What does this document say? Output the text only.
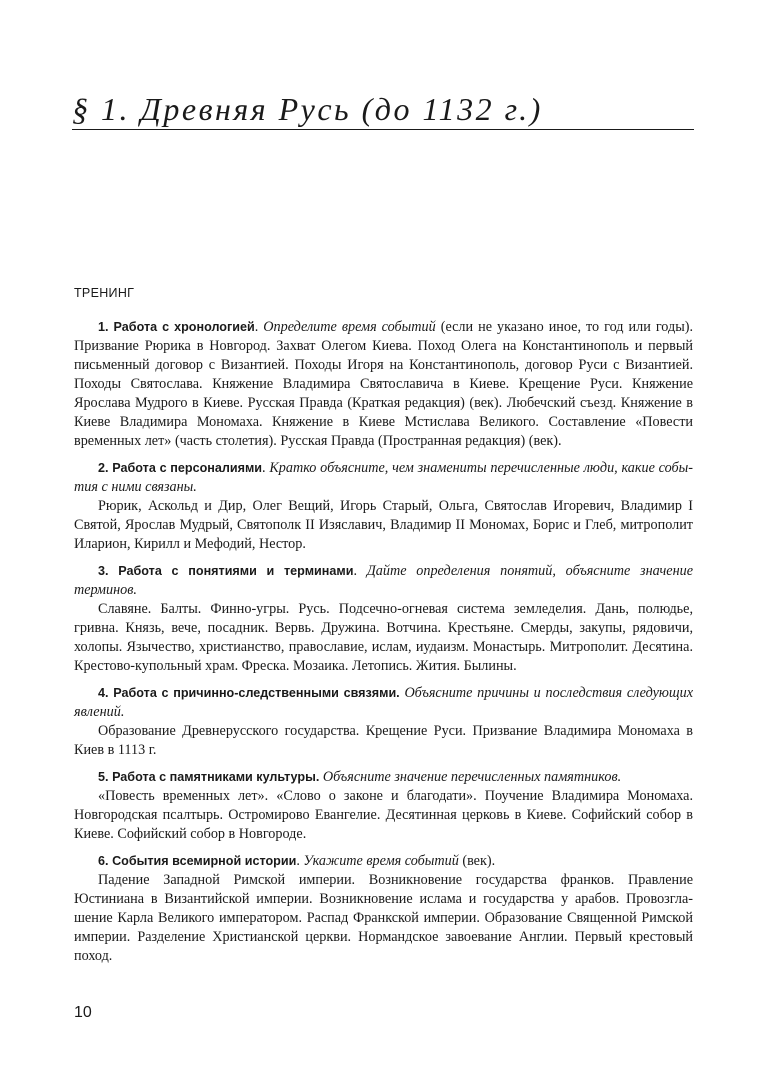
§ 1. Древняя Русь (до 1132 г.)
ТРЕНИНГ

1. Работа с хронологией. Определите время событий (если не указано иное, то год или годы). Призвание Рюрика в Новгород. Захват Олегом Киева. Поход Олега на Константинополь и первый письменный договор с Византией. Походы Игоря на Константинополь, договор Руси с Византией. Походы Святослава. Княжение Владимира Святославича в Киеве. Крещение Руси. Княжение Ярослава Мудрого в Киеве. Русская Правда (Краткая редакция) (век). Любечский съезд. Княжение в Киеве Владимира Мономаха. Княжение в Киеве Мстислава Великого. Составление «Повести временных лет» (часть столетия). Русская Правда (Пространная редакция) (век).

2. Работа с персоналиями. Кратко объясните, чем знамениты перечисленные люди, какие события с ними связаны.

Рюрик, Аскольд и Дир, Олег Вещий, Игорь Старый, Ольга, Святослав Игоревич, Владимир I Святой, Ярослав Мудрый, Святополк II Изяславич, Владимир II Мономах, Борис и Глеб, митрополит Иларион, Кирилл и Мефодий, Нестор.

3. Работа с понятиями и терминами. Дайте определения понятий, объясните значение терминов.

Славяне. Балты. Финно-угры. Русь. Подсечно-огневая система земледелия. Дань, полюдье, гривна. Князь, вече, посадник. Вервь. Дружина. Вотчина. Крестьяне. Смерды, закупы, рядовичи, холопы. Язычество, христианство, православие, ислам, иудаизм. Монастырь. Митрополит. Десятина. Крестово-купольный храм. Фреска. Мозаика. Летопись. Жития. Былины.

4. Работа с причинно-следственными связями. Объясните причины и последствия следующих явлений.

Образование Древнерусского государства. Крещение Руси. Призвание Владимира Мономаха в Киев в 1113 г.

5. Работа с памятниками культуры. Объясните значение перечисленных памятников.

«Повесть временных лет». «Слово о законе и благодати». Поучение Владимира Мономаха. Новгородская псалтырь. Остромирово Евангелие. Десятинная церковь в Киеве. Софийский собор в Киеве. Софийский собор в Новгороде.

6. События всемирной истории. Укажите время событий (век).

Падение Западной Римской империи. Возникновение государства франков. Правление Юстиниана в Византийской империи. Возникновение ислама и государства у арабов. Провозглашение Карла Великого императором. Распад Франкской империи. Образование Священной Римской империи. Разделение Христианской церкви. Нормандское завоевание Англии. Первый крестовый поход.

10
